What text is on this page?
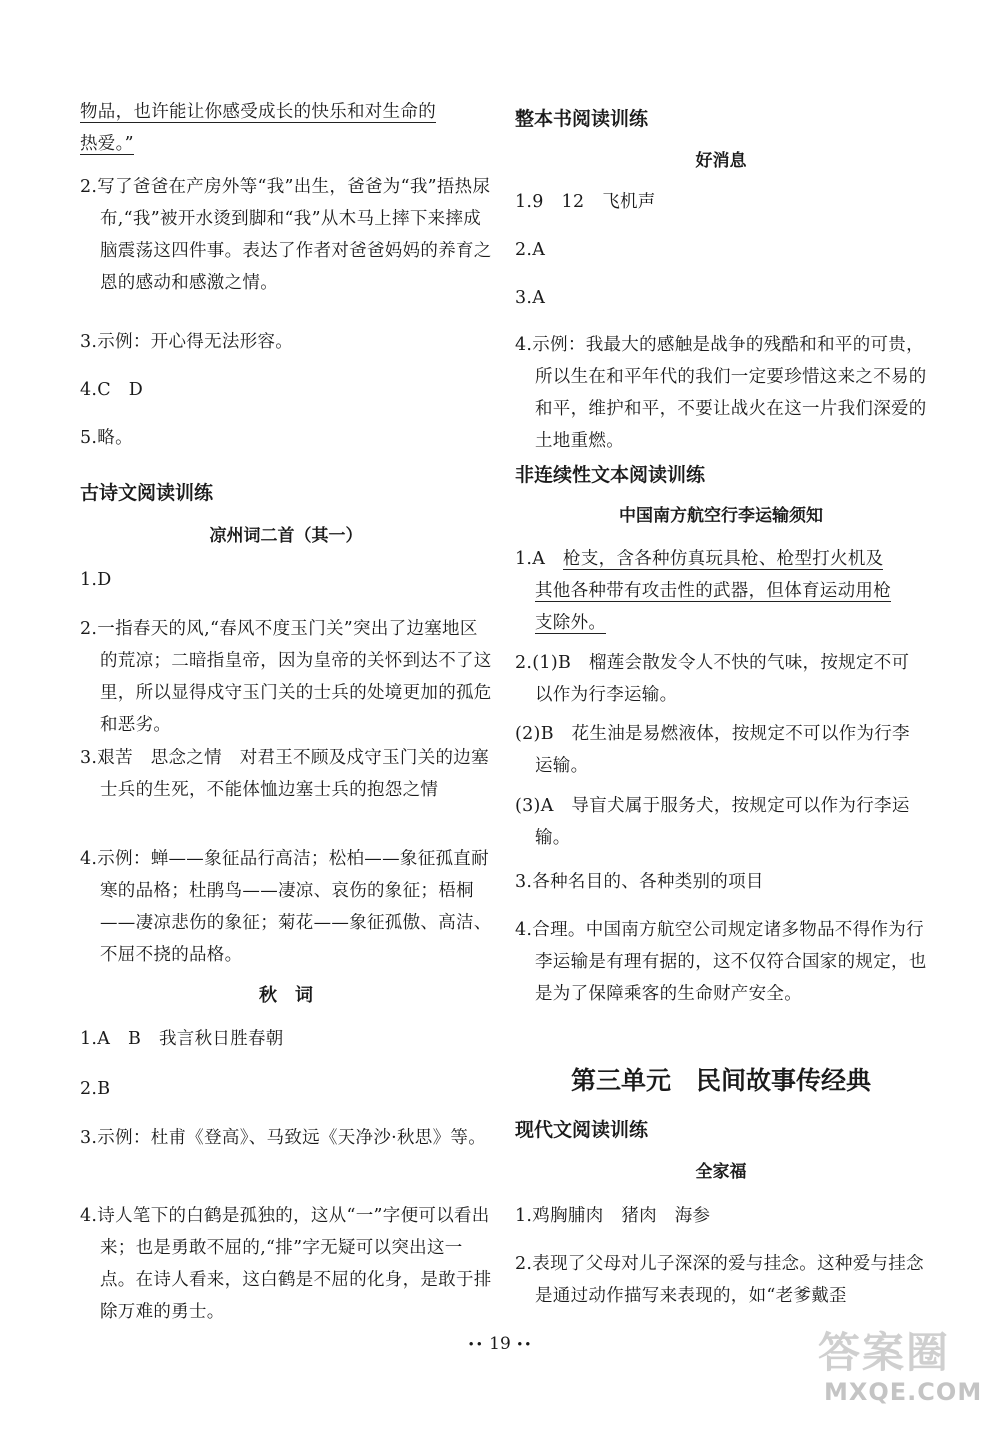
物品，也许能让你感受成长的快乐和对生命的

热爱。”

2.写了爸爸在产房外等“我”出生，爸爸为“我”捂热尿布,“我”被开水烫到脚和“我”从木马上摔下来摔成脑震荡这四件事。表达了作者对爸爸妈妈的养育之恩的感动和感激之情。

3.示例：开心得无法形容。

4.C　D

5.略。

古诗文阅读训练
凉州词二首（其一）

1.D

2.一指春天的风,“春风不度玉门关”突出了边塞地区的荒凉；二暗指皇帝，因为皇帝的关怀到达不了这里，所以显得戍守玉门关的士兵的处境更加的孤危和恶劣。

3.艰苦　思念之情　对君王不顾及戍守玉门关的边塞士兵的生死，不能体恤边塞士兵的抱怨之情

4.示例：蝉——象征品行高洁；松柏——象征孤直耐寒的品格；杜鹃鸟——凄凉、哀伤的象征；梧桐——凄凉悲伤的象征；菊花——象征孤傲、高洁、不屈不挠的品格。

秋　词

1.A　B　我言秋日胜春朝

2.B

3.示例：杜甫《登高》、马致远《天净沙·秋思》等。

4.诗人笔下的白鹤是孤独的，这从“一”字便可以看出来；也是勇敢不屈的,“排”字无疑可以突出这一点。在诗人看来，这白鹤是不屈的化身，是敢于排除万难的勇士。

整本书阅读训练
好消息

1.9　12　飞机声

2.A

3.A

4.示例：我最大的感触是战争的残酷和和平的可贵，所以生在和平年代的我们一定要珍惜这来之不易的和平，维护和平，不要让战火在这一片我们深爱的土地重燃。

非连续性文本阅读训练
中国南方航空行李运输须知

1.A　枪支，含各种仿真玩具枪、枪型打火机及

其他各种带有攻击性的武器，但体育运动用枪

支除外。

2.(1)B　榴莲会散发令人不快的气味，按规定不可以作为行李运输。

(2)B　花生油是易燃液体，按规定不可以作为行李运输。

(3)A　导盲犬属于服务犬，按规定可以作为行李运输。

3.各种名目的、各种类别的项目

4.合理。中国南方航空公司规定诸多物品不得作为行李运输是有理有据的，这不仅符合国家的规定，也是为了保障乘客的生命财产安全。

第三单元　民间故事传经典
现代文阅读训练
全家福

1.鸡胸脯肉　猪肉　海参

2.表现了父母对儿子深深的爱与挂念。这种爱与挂念是通过动作描写来表现的，如“老爹戴歪

•• 19 ••	答案圈
MXQE.COM
